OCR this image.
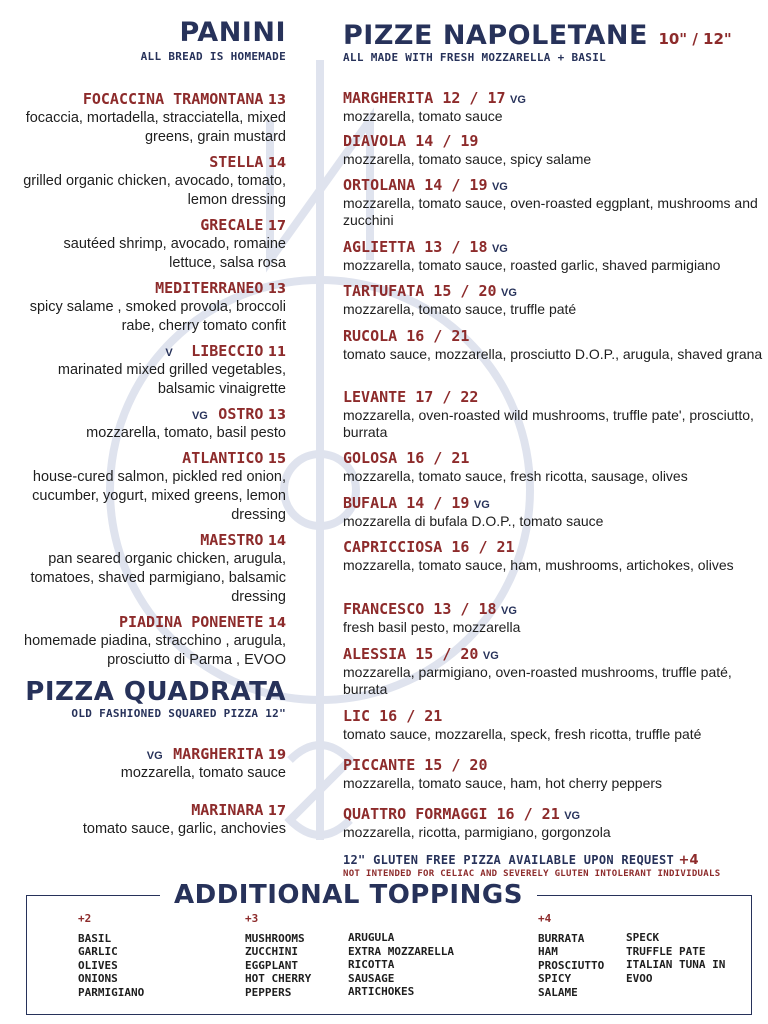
PANINI
ALL BREAD IS HOMEMADE
FOCACCINA TRAMONTANA 13
focaccia, mortadella, stracciatella, mixed greens, grain mustard
STELLA 14
grilled organic chicken, avocado, tomato, lemon dressing
GRECALE 17
sautéed shrimp, avocado, romaine lettuce, salsa rosa
MEDITERRANEO 13
spicy salame , smoked provola, broccoli rabe, cherry tomato confit
V LIBECCIO 11
marinated mixed grilled vegetables, balsamic vinaigrette
VG OSTRO 13
mozzarella, tomato, basil pesto
ATLANTICO 15
house-cured salmon, pickled red onion, cucumber, yogurt, mixed greens, lemon dressing
MAESTRO 14
pan seared organic chicken, arugula, tomatoes, shaved parmigiano, balsamic dressing
PIADINA PONENETE 14
homemade piadina, stracchino , arugula, prosciutto di Parma , EVOO
PIZZA QUADRATA
OLD FASHIONED SQUARED PIZZA 12"
VG MARGHERITA 19
mozzarella, tomato sauce
MARINARA 17
tomato sauce, garlic, anchovies
PIZZE NAPOLETANE 10" / 12"
ALL MADE WITH FRESH MOZZARELLA + BASIL
MARGHERITA 12 / 17 VG
mozzarella, tomato sauce
DIAVOLA 14 / 19
mozzarella, tomato sauce, spicy salame
ORTOLANA 14 / 19 VG
mozzarella, tomato sauce, oven-roasted eggplant, mushrooms and zucchini
AGLIETTA 13 / 18 VG
mozzarella, tomato sauce, roasted garlic, shaved parmigiano
TARTUFATA 15 / 20 VG
mozzarella, tomato sauce, truffle paté
RUCOLA 16 / 21
tomato sauce, mozzarella, prosciutto D.O.P., arugula, shaved grana
LEVANTE 17 / 22
mozzarella, oven-roasted wild mushrooms, truffle pate', prosciutto, burrata
GOLOSA 16 / 21
mozzarella, tomato sauce, fresh ricotta, sausage, olives
BUFALA 14 / 19 VG
mozzarella di bufala D.O.P., tomato sauce
CAPRICCIOSA 16 / 21
mozzarella, tomato sauce, ham, mushrooms, artichokes, olives
FRANCESCO 13 / 18 VG
fresh basil pesto, mozzarella
ALESSIA 15 / 20 VG
mozzarella, parmigiano, oven-roasted mushrooms, truffle paté, burrata
LIC 16 / 21
tomato sauce, mozzarella, speck, fresh ricotta, truffle paté
PICCANTE 15 / 20
mozzarella, tomato sauce, ham, hot cherry peppers
QUATTRO FORMAGGI 16 / 21 VG
mozzarella, ricotta, parmigiano, gorgonzola
12" GLUTEN FREE PIZZA AVAILABLE UPON REQUEST +4
NOT INTENDED FOR CELIAC AND SEVERELY GLUTEN INTOLERANT INDIVIDUALS
ADDITIONAL TOPPINGS
+2
BASIL
GARLIC
OLIVES
ONIONS
PARMIGIANO
+3
MUSHROOMS
ZUCCHINI
EGGPLANT
HOT CHERRY
PEPPERS
ARUGULA
EXTRA MOZZARELLA
RICOTTA
SAUSAGE
ARTICHOKES
+4
BURRATA
HAM
PROSCIUTTO
SPICY
SALAME
SPECK
TRUFFLE PATE
ITALIAN TUNA IN
EVOO
